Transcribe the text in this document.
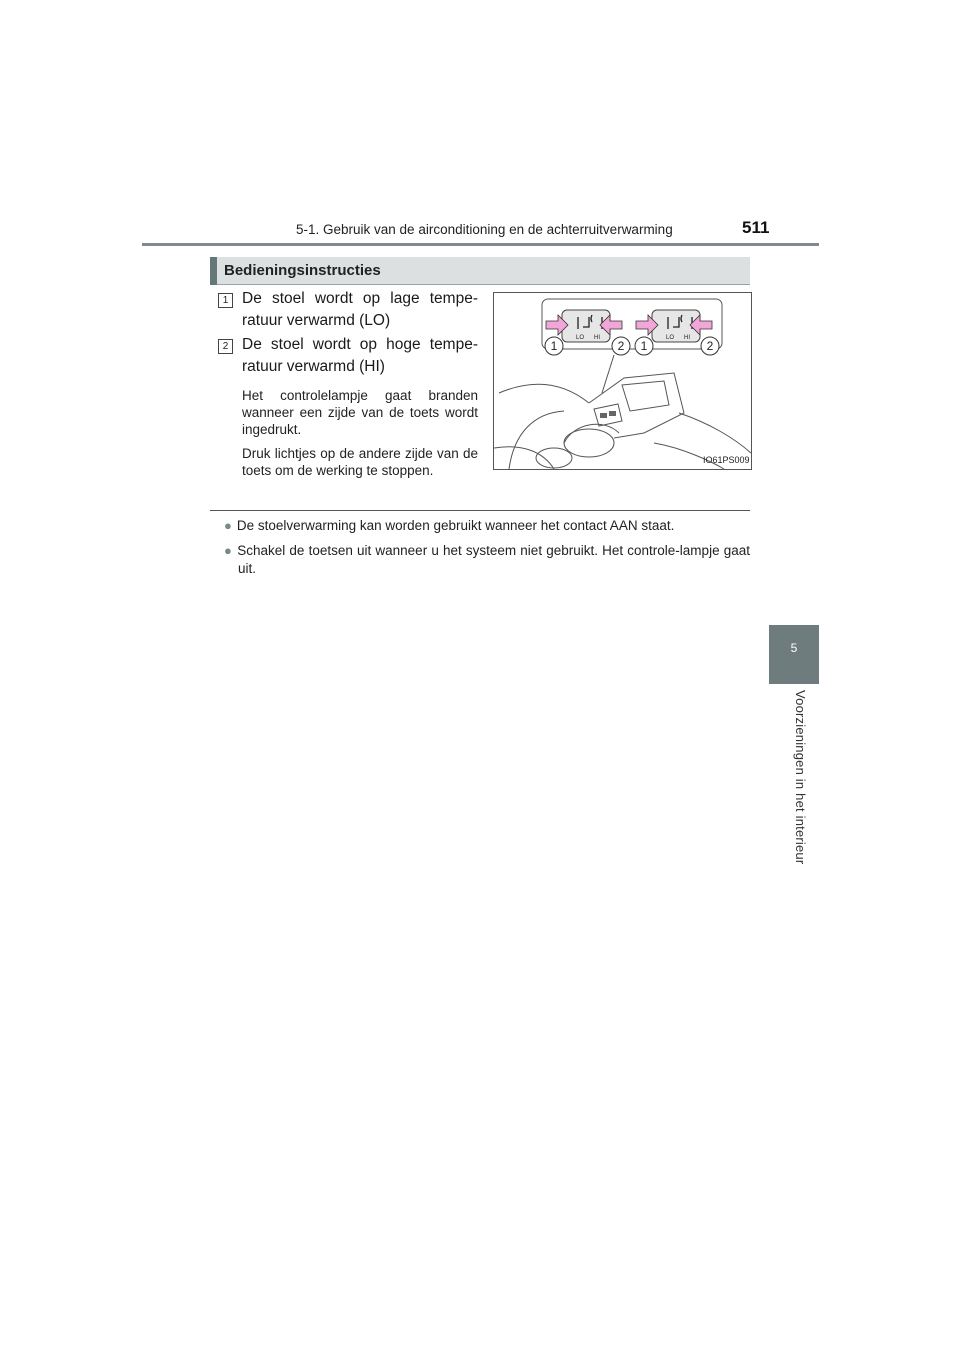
5-1. Gebruik van de airconditioning en de achterruitverwarming	511
5
Voorzieningen in het interieur
Bedieningsinstructies
1 De stoel wordt op lage tempe-ratuur verwarmd (LO)
2 De stoel wordt op hoge tempe-ratuur verwarmd (HI)
Het controlelampje gaat branden wanneer een zijde van de toets wordt ingedrukt.
Druk lichtjes op de andere zijde van de toets om de werking te stoppen.
LO HI	LO HI
1	2 1	2
IO61PS009
● De stoelverwarming kan worden gebruikt wanneer het contact AAN staat.
● Schakel de toetsen uit wanneer u het systeem niet gebruikt. Het controle-lampje gaat uit.
